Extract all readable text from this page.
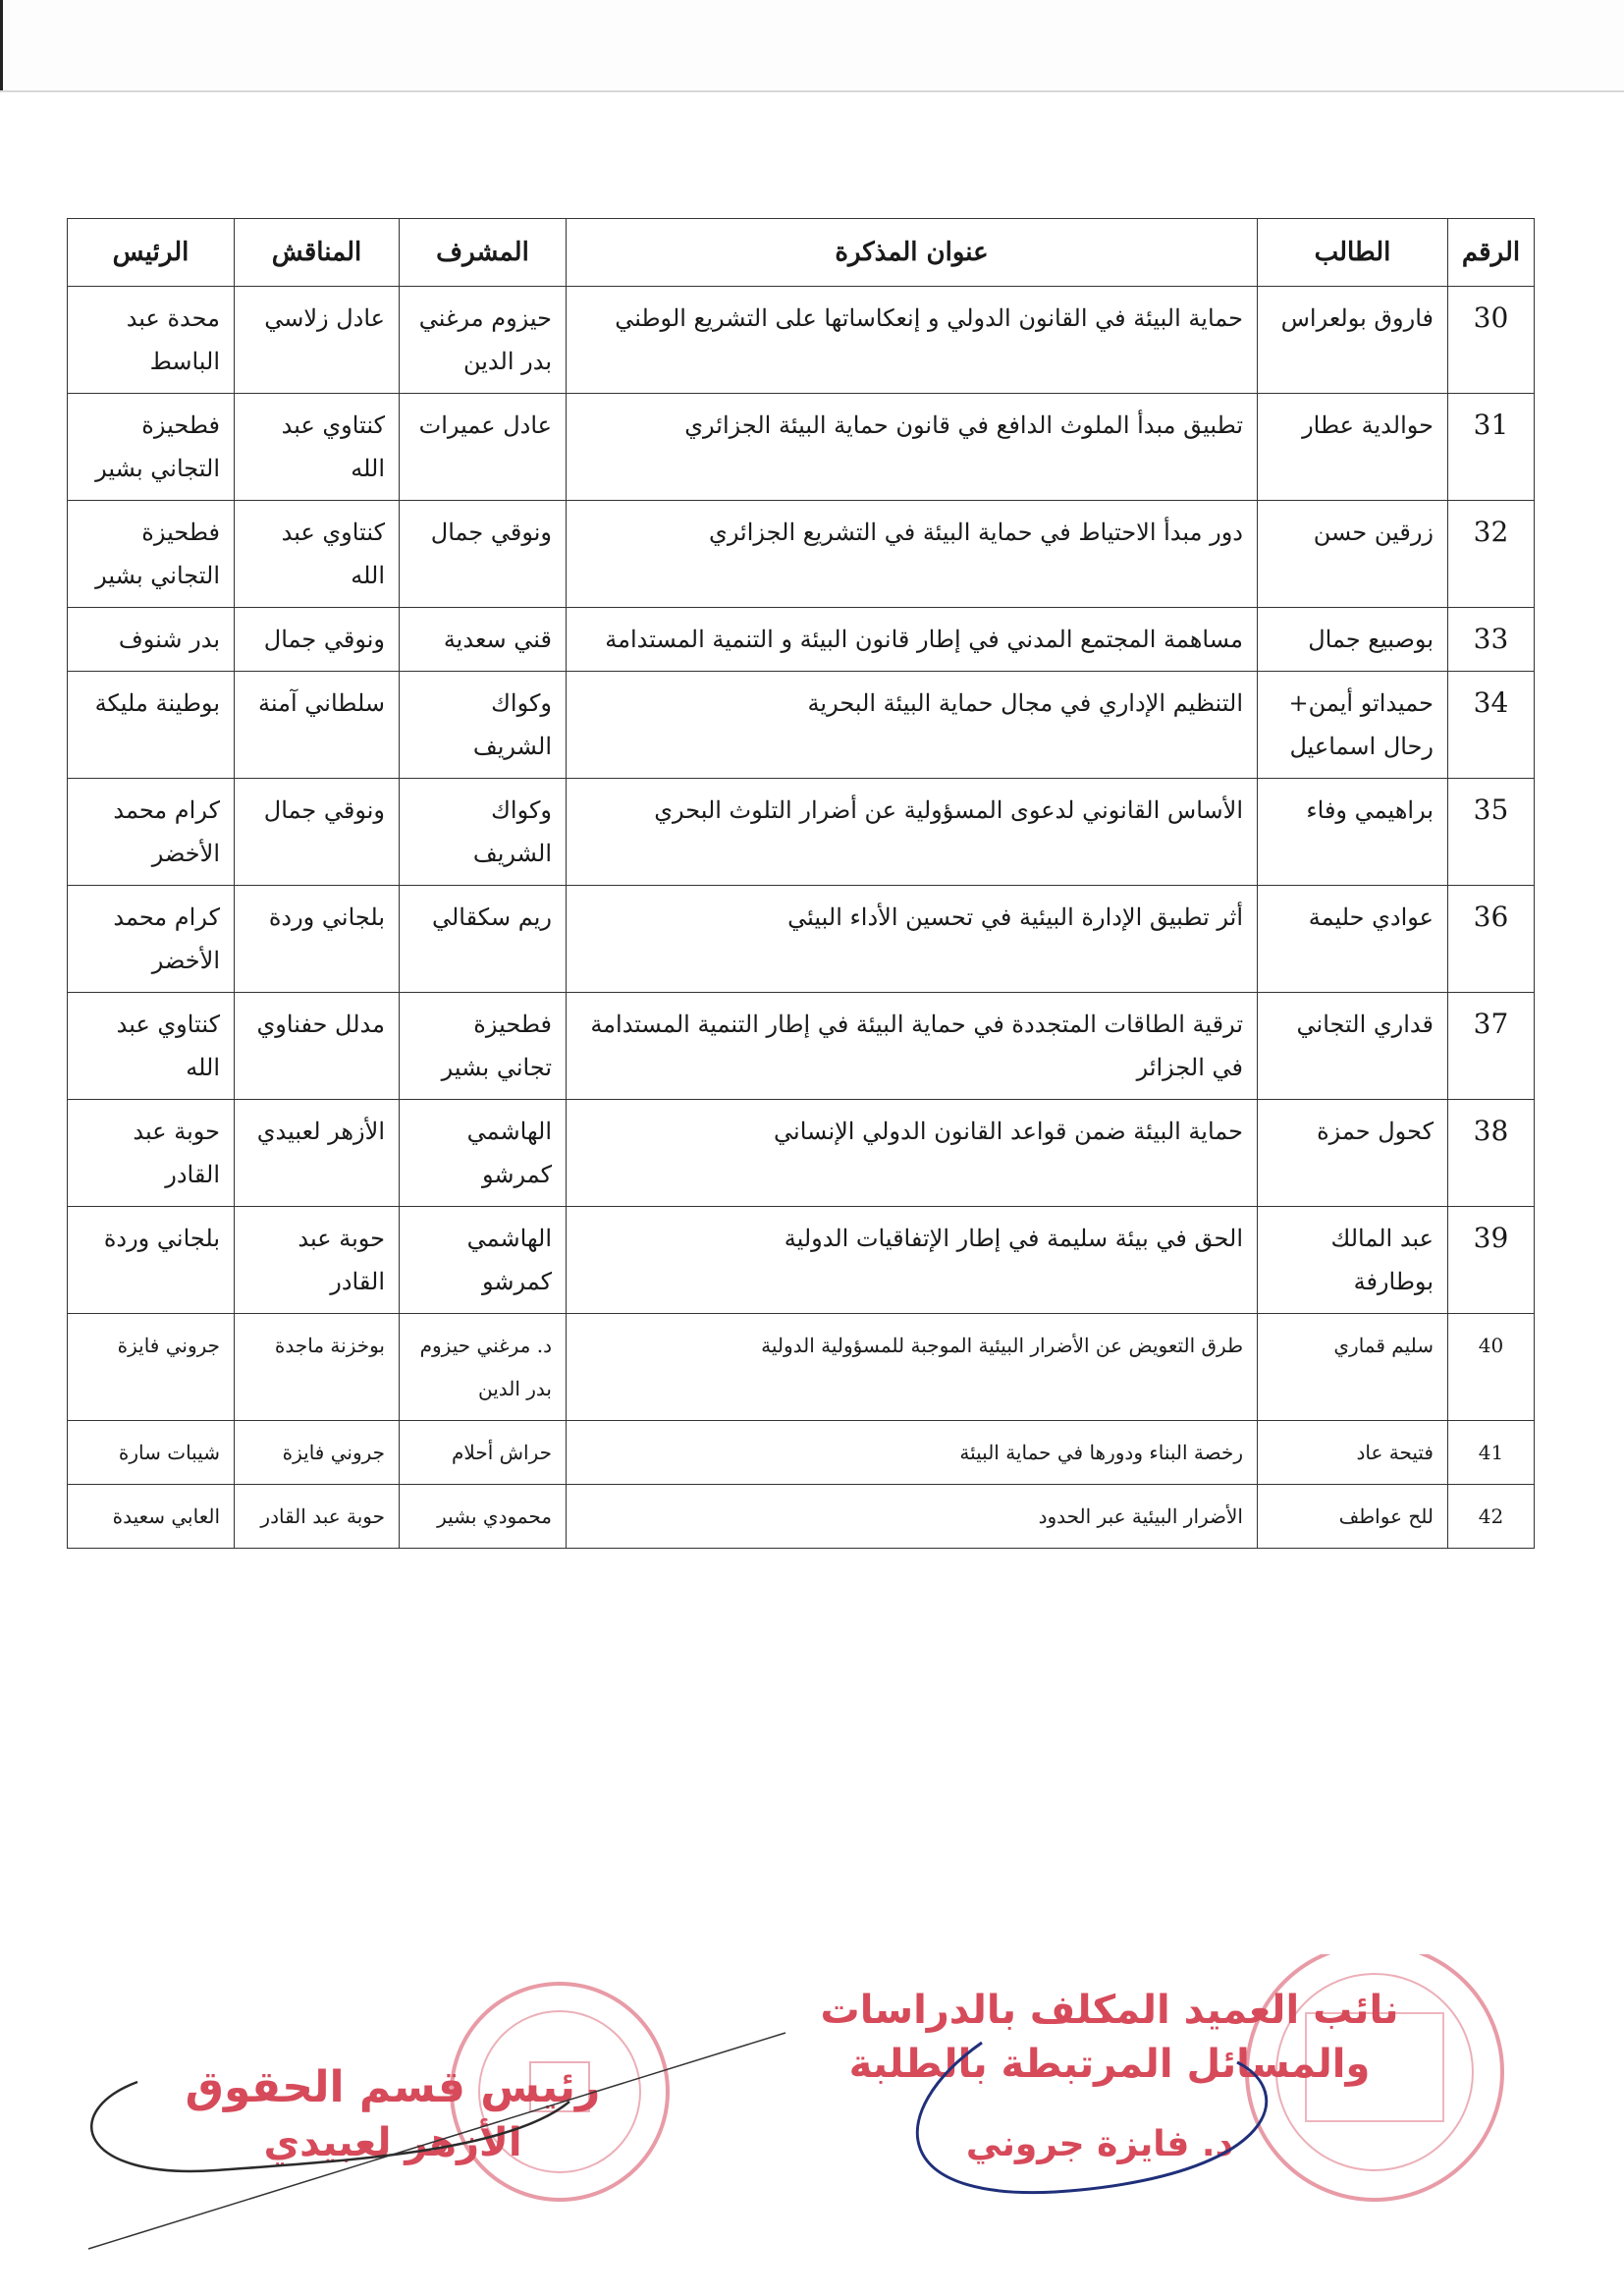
الرقم	الطالب	عنوان المذكرة	المشرف	المناقش	الرئيس
30	فاروق بولعراس	حماية البيئة في القانون الدولي و إنعكاساتها على التشريع الوطني	حيزوم مرغني بدر الدين	عادل زلاسي	محدة عبد الباسط
31	حوالدية عطار	تطبيق مبدأ الملوث الدافع في قانون حماية البيئة الجزائري	عادل عميرات	كنتاوي عبد الله	فطحيزة التجاني بشير
32	زرقين حسن	دور مبدأ الاحتياط في حماية البيئة في التشريع الجزائري	ونوقي جمال	كنتاوي عبد الله	فطحيزة التجاني بشير
33	بوصبيع جمال	مساهمة المجتمع المدني في إطار قانون البيئة و التنمية المستدامة	قني سعدية	ونوقي جمال	بدر شنوف
34	حميداتو أيمن+ رحال اسماعيل	التنظيم الإداري في مجال حماية البيئة البحرية	وكواك الشريف	سلطاني آمنة	بوطينة مليكة
35	براهيمي وفاء	الأساس القانوني لدعوى المسؤولية عن أضرار التلوث البحري	وكواك الشريف	ونوقي جمال	كرام محمد الأخضر
36	عوادي حليمة	أثر تطبيق الإدارة البيئية في تحسين الأداء البيئي	ريم سكقالي	بلجاني وردة	كرام محمد الأخضر
37	قداري التجاني	ترقية الطاقات المتجددة في حماية البيئة في إطار التنمية المستدامة في الجزائر	فطحيزة تجاني بشير	مدلل حفناوي	كنتاوي عبد الله
38	كحول حمزة	حماية البيئة ضمن قواعد القانون الدولي الإنساني	الهاشمي كمرشو	الأزهر لعبيدي	حوبة عبد القادر
39	عبد المالك بوطارفة	الحق في بيئة سليمة في إطار الإتفاقيات الدولية	الهاشمي كمرشو	حوبة عبد القادر	بلجاني وردة
40	سليم قماري	طرق التعويض عن الأضرار البيئية الموجبة للمسؤولية الدولية	د. مرغني حيزوم بدر الدين	بوخزنة ماجدة	جروني فايزة
41	فتيحة عاد	رخصة البناء ودورها في حماية البيئة	حراش أحلام	جروني فايزة	شيبات سارة
42	للح عواطف	الأضرار البيئية عبر الحدود	محمودي بشير	حوبة عبد القادر	العابي سعيدة
رئيس قسم الحقوق
الأزهر لعبيدي
نائب العميد المكلف بالدراسات
والمسائل المرتبطة بالطلبة
د. فايزة جروني
